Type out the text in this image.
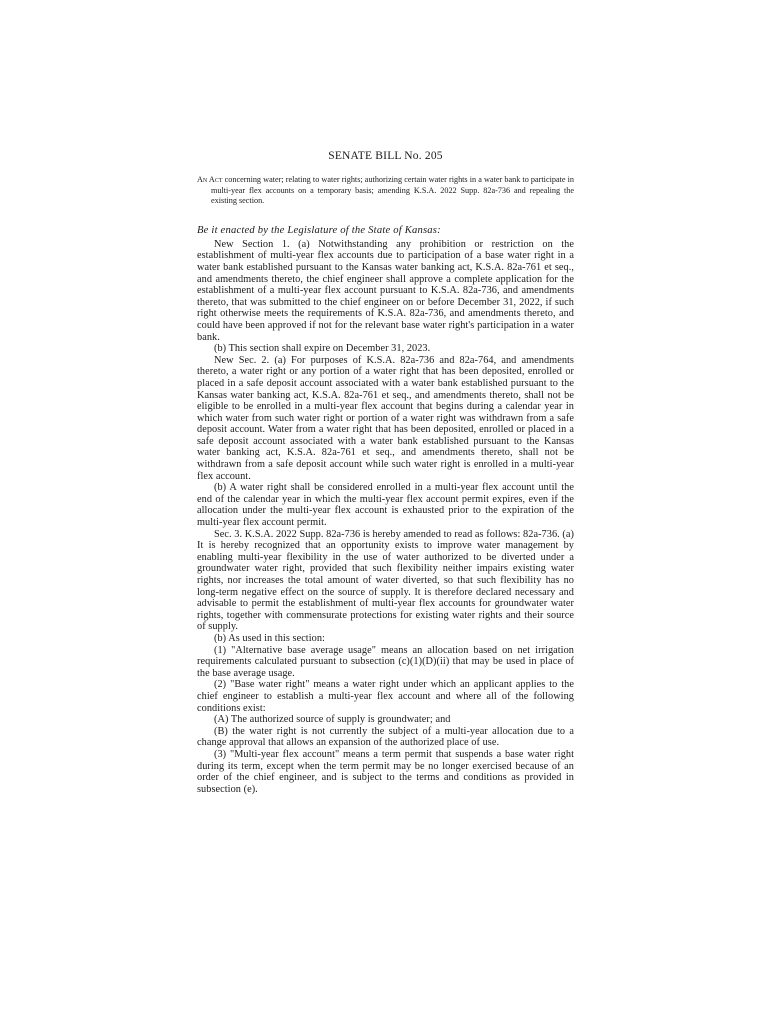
SENATE BILL No. 205

An Act concerning water; relating to water rights; authorizing certain water rights in a water bank to participate in multi-year flex accounts on a temporary basis; amending K.S.A. 2022 Supp. 82a-736 and repealing the existing section.

Be it enacted by the Legislature of the State of Kansas:

New Section 1. (a) Notwithstanding any prohibition or restriction on the establishment of multi-year flex accounts due to participation of a base water right in a water bank established pursuant to the Kansas water banking act, K.S.A. 82a-761 et seq., and amendments thereto, the chief engineer shall approve a complete application for the establishment of a multi-year flex account pursuant to K.S.A. 82a-736, and amendments thereto, that was submitted to the chief engineer on or before December 31, 2022, if such right otherwise meets the requirements of K.S.A. 82a-736, and amendments thereto, and could have been approved if not for the relevant base water right's participation in a water bank.

(b) This section shall expire on December 31, 2023.

New Sec. 2. (a) For purposes of K.S.A. 82a-736 and 82a-764, and amendments thereto, a water right or any portion of a water right that has been deposited, enrolled or placed in a safe deposit account associated with a water bank established pursuant to the Kansas water banking act, K.S.A. 82a-761 et seq., and amendments thereto, shall not be eligible to be enrolled in a multi-year flex account that begins during a calendar year in which water from such water right or portion of a water right was withdrawn from a safe deposit account. Water from a water right that has been deposited, enrolled or placed in a safe deposit account associated with a water bank established pursuant to the Kansas water banking act, K.S.A. 82a-761 et seq., and amendments thereto, shall not be withdrawn from a safe deposit account while such water right is enrolled in a multi-year flex account.

(b) A water right shall be considered enrolled in a multi-year flex account until the end of the calendar year in which the multi-year flex account permit expires, even if the allocation under the multi-year flex account is exhausted prior to the expiration of the multi-year flex account permit.

Sec. 3. K.S.A. 2022 Supp. 82a-736 is hereby amended to read as follows: 82a-736. (a) It is hereby recognized that an opportunity exists to improve water management by enabling multi-year flexibility in the use of water authorized to be diverted under a groundwater water right, provided that such flexibility neither impairs existing water rights, nor increases the total amount of water diverted, so that such flexibility has no long-term negative effect on the source of supply. It is therefore declared necessary and advisable to permit the establishment of multi-year flex accounts for groundwater water rights, together with commensurate protections for existing water rights and their source of supply.

(b) As used in this section:

(1) "Alternative base average usage" means an allocation based on net irrigation requirements calculated pursuant to subsection (c)(1)(D)(ii) that may be used in place of the base average usage.

(2) "Base water right" means a water right under which an applicant applies to the chief engineer to establish a multi-year flex account and where all of the following conditions exist:

(A) The authorized source of supply is groundwater; and

(B) the water right is not currently the subject of a multi-year allocation due to a change approval that allows an expansion of the authorized place of use.

(3) "Multi-year flex account" means a term permit that suspends a base water right during its term, except when the term permit may be no longer exercised because of an order of the chief engineer, and is subject to the terms and conditions as provided in subsection (e).
